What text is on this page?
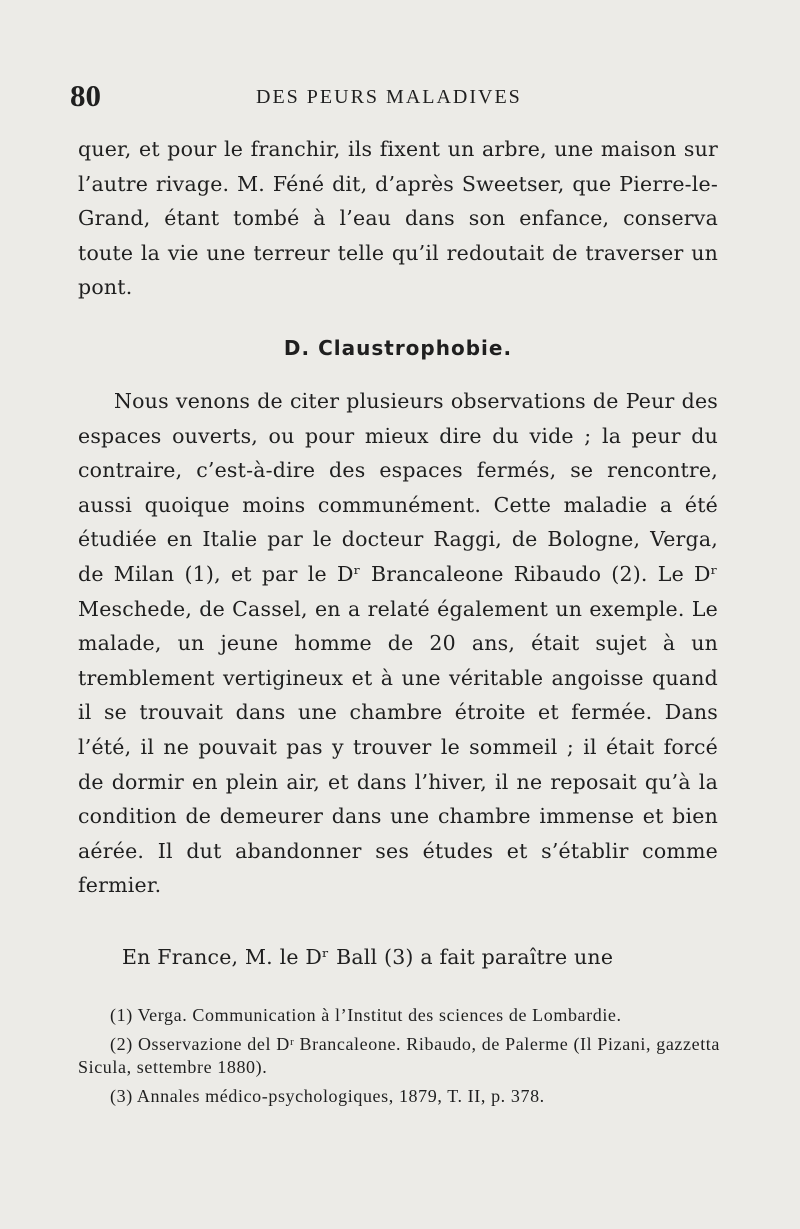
80	DES PEURS MALADIVES

quer, et pour le franchir, ils fixent un arbre, une maison sur l’autre rivage. M. Féné dit, d’après Sweetser, que Pierre-le-Grand, étant tombé à l’eau dans son enfance, conserva toute la vie une terreur telle qu’il redoutait de traverser un pont.

D. Claustrophobie.

Nous venons de citer plusieurs observations de Peur des espaces ouverts, ou pour mieux dire du vide ; la peur du contraire, c’est-à-dire des espaces fermés, se rencontre, aussi quoique moins communément. Cette maladie a été étudiée en Italie par le docteur Raggi, de Bologne, Verga, de Milan (1), et par le Dʳ Brancaleone Ribaudo (2). Le Dʳ Meschede, de Cassel, en a relaté également un exemple. Le malade, un jeune homme de 20 ans, était sujet à un tremblement vertigineux et à une véritable angoisse quand il se trouvait dans une chambre étroite et fermée. Dans l’été, il ne pouvait pas y trouver le sommeil ; il était forcé de dormir en plein air, et dans l’hiver, il ne reposait qu’à la condition de demeurer dans une chambre immense et bien aérée. Il dut abandonner ses études et s’établir comme fermier.

En France, M. le Dʳ Ball (3) a fait paraître une

(1) Verga. Communication à l’Institut des sciences de Lombardie.

(2) Osservazione del Dʳ Brancaleone. Ribaudo, de Palerme (Il Pizani, gazzetta Sicula, settembre 1880).

(3) Annales médico-psychologiques, 1879, T. II, p. 378.
